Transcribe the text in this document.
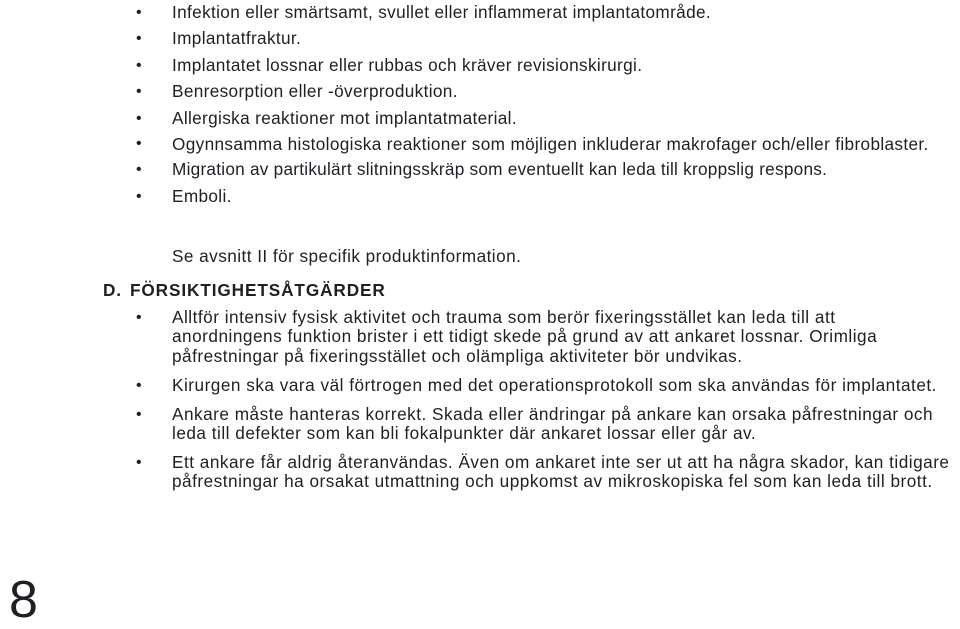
• Infektion eller smärtsamt, svullet eller inflammerat implantatområde.
• Implantatfraktur.
• Implantatet lossnar eller rubbas och kräver revisionskirurgi.
• Benresorption eller -överproduktion.
• Allergiska reaktioner mot implantatmaterial.
• Ogynnsamma histologiska reaktioner som möjligen inkluderar makrofager och/eller fibroblaster.
• Migration av partikulärt slitningsskräp som eventuellt kan leda till kroppslig respons.
• Emboli.
Se avsnitt II för specifik produktinformation.
D. FÖRSIKTIGHETSÅTGÄRDER
• Alltför intensiv fysisk aktivitet och trauma som berör fixeringsstället kan leda till att anordningens funktion brister i ett tidigt skede på grund av att ankaret lossnar. Orimliga påfrestningar på fixeringsstället och olämpliga aktiviteter bör undvikas.
• Kirurgen ska vara väl förtrogen med det operationsprotokoll som ska användas för implantatet.
• Ankare måste hanteras korrekt. Skada eller ändringar på ankare kan orsaka påfrestningar och leda till defekter som kan bli fokalpunkter där ankaret lossar eller går av.
• Ett ankare får aldrig återanvändas. Även om ankaret inte ser ut att ha några skador, kan tidigare påfrestningar ha orsakat utmattning och uppkomst av mikroskopiska fel som kan leda till brott.
8
